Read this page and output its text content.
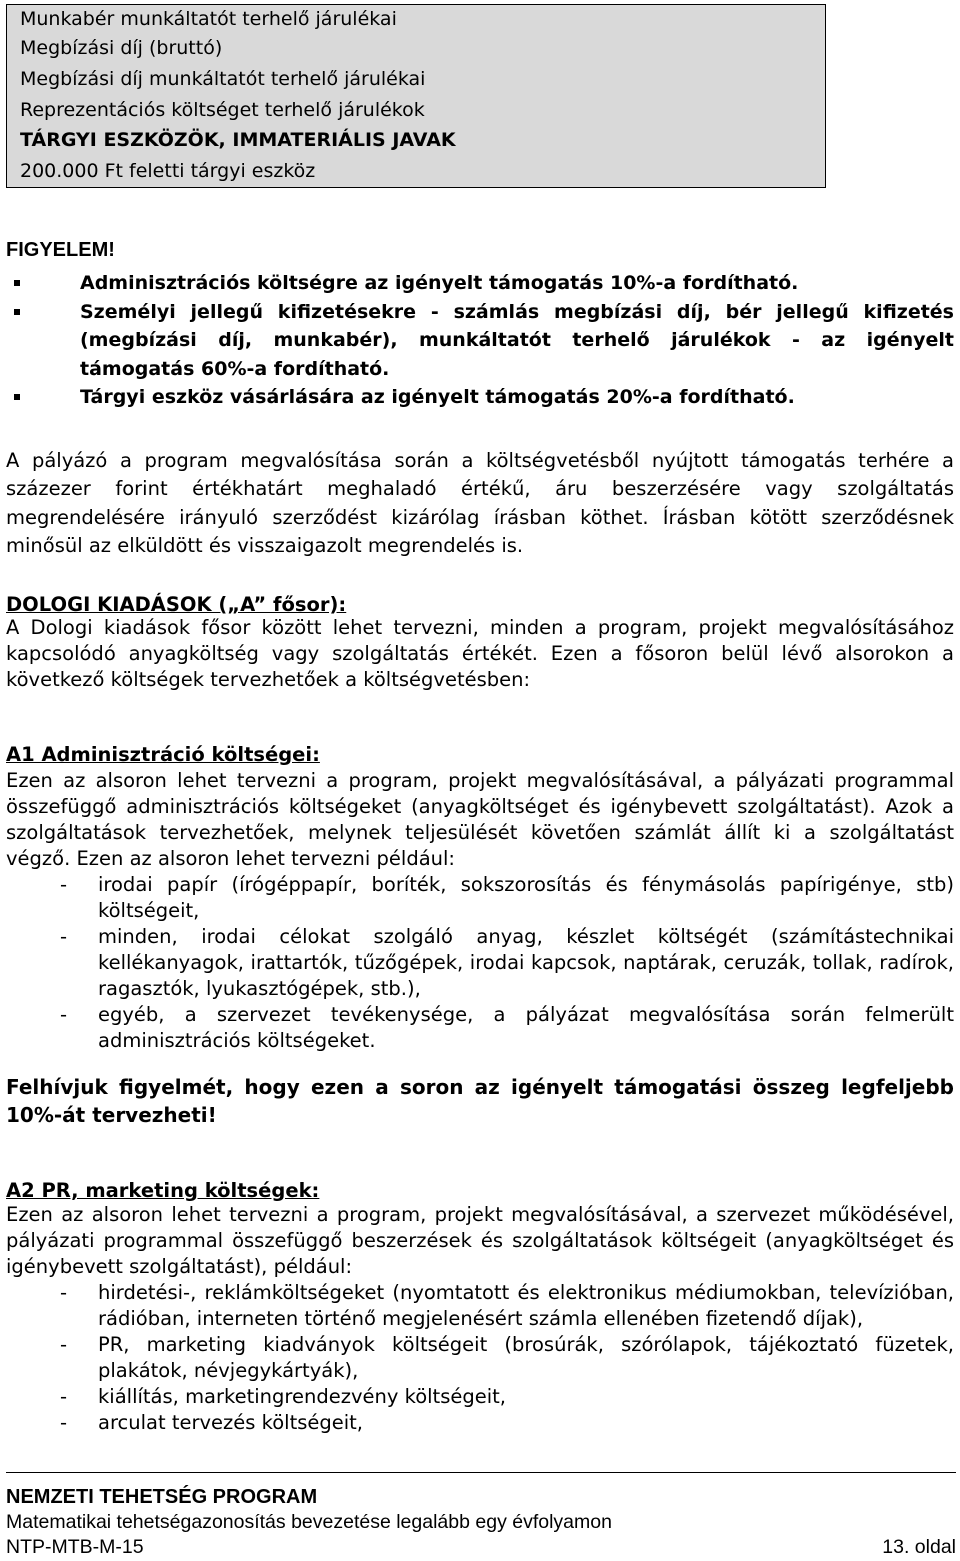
Munkabér munkáltatót terhelő járulékai
Megbízási díj (bruttó)
Megbízási díj munkáltatót terhelő járulékai
Reprezentációs költséget terhelő járulékok
TÁRGYI ESZKÖZÖK, IMMATERIÁLIS JAVAK
200.000 Ft feletti tárgyi eszköz
FIGYELEM!
Adminisztrációs költségre az igényelt támogatás 10%-a fordítható.
Személyi jellegű kifizetésekre - számlás megbízási díj, bér jellegű kifizetés (megbízási díj, munkabér), munkáltatót terhelő járulékok - az igényelt támogatás 60%-a fordítható.
Tárgyi eszköz vásárlására az igényelt támogatás 20%-a fordítható.
A pályázó a program megvalósítása során a költségvetésből nyújtott támogatás terhére a százezer forint értékhatárt meghaladó értékű, áru beszerzésére vagy szolgáltatás megrendelésére irányuló szerződést kizárólag írásban köthet. Írásban kötött szerződésnek minősül az elküldött és visszaigazolt megrendelés is.
DOLOGI KIADÁSOK („A” fősor):
A Dologi kiadások fősor között lehet tervezni, minden a program, projekt megvalósításához kapcsolódó anyagköltség vagy szolgáltatás értékét. Ezen a fősoron belül lévő alsorokon a következő költségek tervezhetőek a költségvetésben:
A1 Adminisztráció költségei:
Ezen az alsoron lehet tervezni a program, projekt megvalósításával, a pályázati programmal összefüggő adminisztrációs költségeket (anyagköltséget és igénybevett szolgáltatást). Azok a szolgáltatások tervezhetőek, melynek teljesülését követően számlát állít ki a szolgáltatást végző. Ezen az alsoron lehet tervezni például:
- irodai papír (írógéppapír, boríték, sokszorosítás és fénymásolás papírigénye, stb) költségeit,
- minden, irodai célokat szolgáló anyag, készlet költségét (számítástechnikai kellékanyagok, irattartók, tűzőgépek, irodai kapcsok, naptárak, ceruzák, tollak, radírok, ragasztók, lyukasztógépek, stb.),
- egyéb, a szervezet tevékenysége, a pályázat megvalósítása során felmerült adminisztrációs költségeket.
Felhívjuk figyelmét, hogy ezen a soron az igényelt támogatási összeg legfeljebb 10%-át tervezheti!
A2 PR, marketing költségek:
Ezen az alsoron lehet tervezni a program, projekt megvalósításával, a szervezet működésével, pályázati programmal összefüggő beszerzések és szolgáltatások költségeit (anyagköltséget és igénybevett szolgáltatást), például:
- hirdetési-, reklámköltségeket (nyomtatott és elektronikus médiumokban, televízióban, rádióban, interneten történő megjelenésért számla ellenében fizetendő díjak),
- PR, marketing kiadványok költségeit (brosúrák, szórólapok, tájékoztató füzetek, plakátok, névjegykártyák),
- kiállítás, marketingrendezvény költségeit,
- arculat tervezés költségeit,
NEMZETI TEHETSÉG PROGRAM
Matematikai tehetségazonosítás bevezetése legalább egy évfolyamon
NTP-MTB-M-15	13. oldal
